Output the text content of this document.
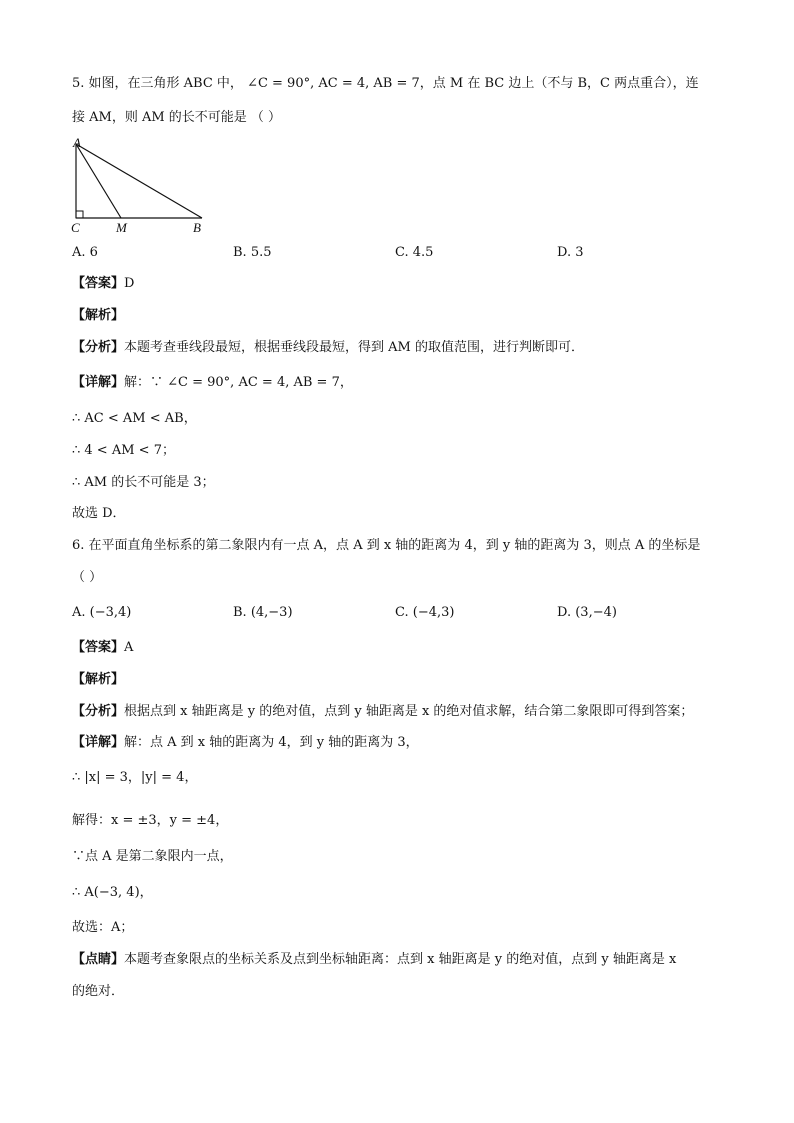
5. 如图，在三角形 ABC 中， ∠C = 90°, AC = 4, AB = 7，点 M 在 BC 边上（不与 B，C 两点重合），连
接 AM，则 AM 的长不可能是 （ ）
A
C	M	B
A. 6	B. 5.5	C. 4.5	D. 3
【答案】D
【解析】
【分析】本题考查垂线段最短，根据垂线段最短，得到 AM 的取值范围，进行判断即可．
【详解】解：∵ ∠C = 90°, AC = 4, AB = 7，
∴ AC < AM < AB，
∴ 4 < AM < 7；
∴ AM 的长不可能是 3；
故选 D．
6. 在平面直角坐标系的第二象限内有一点 A，点 A 到 x 轴的距离为 4，到 y 轴的距离为 3，则点 A 的坐标是
（ ）
A. (−3,4)	B. (4,−3)	C. (−4,3)	D. (3,−4)
【答案】A
【解析】
【分析】根据点到 x 轴距离是 y 的绝对值，点到 y 轴距离是 x 的绝对值求解，结合第二象限即可得到答案；
【详解】解：点 A 到 x 轴的距离为 4，到 y 轴的距离为 3，
∴ |x| = 3，|y| = 4，
解得：x = ±3，y = ±4，
∵点 A 是第二象限内一点，
∴ A(−3, 4)，
故选：A；
【点睛】本题考查象限点的坐标关系及点到坐标轴距离：点到 x 轴距离是 y 的绝对值，点到 y 轴距离是 x
的绝对．
